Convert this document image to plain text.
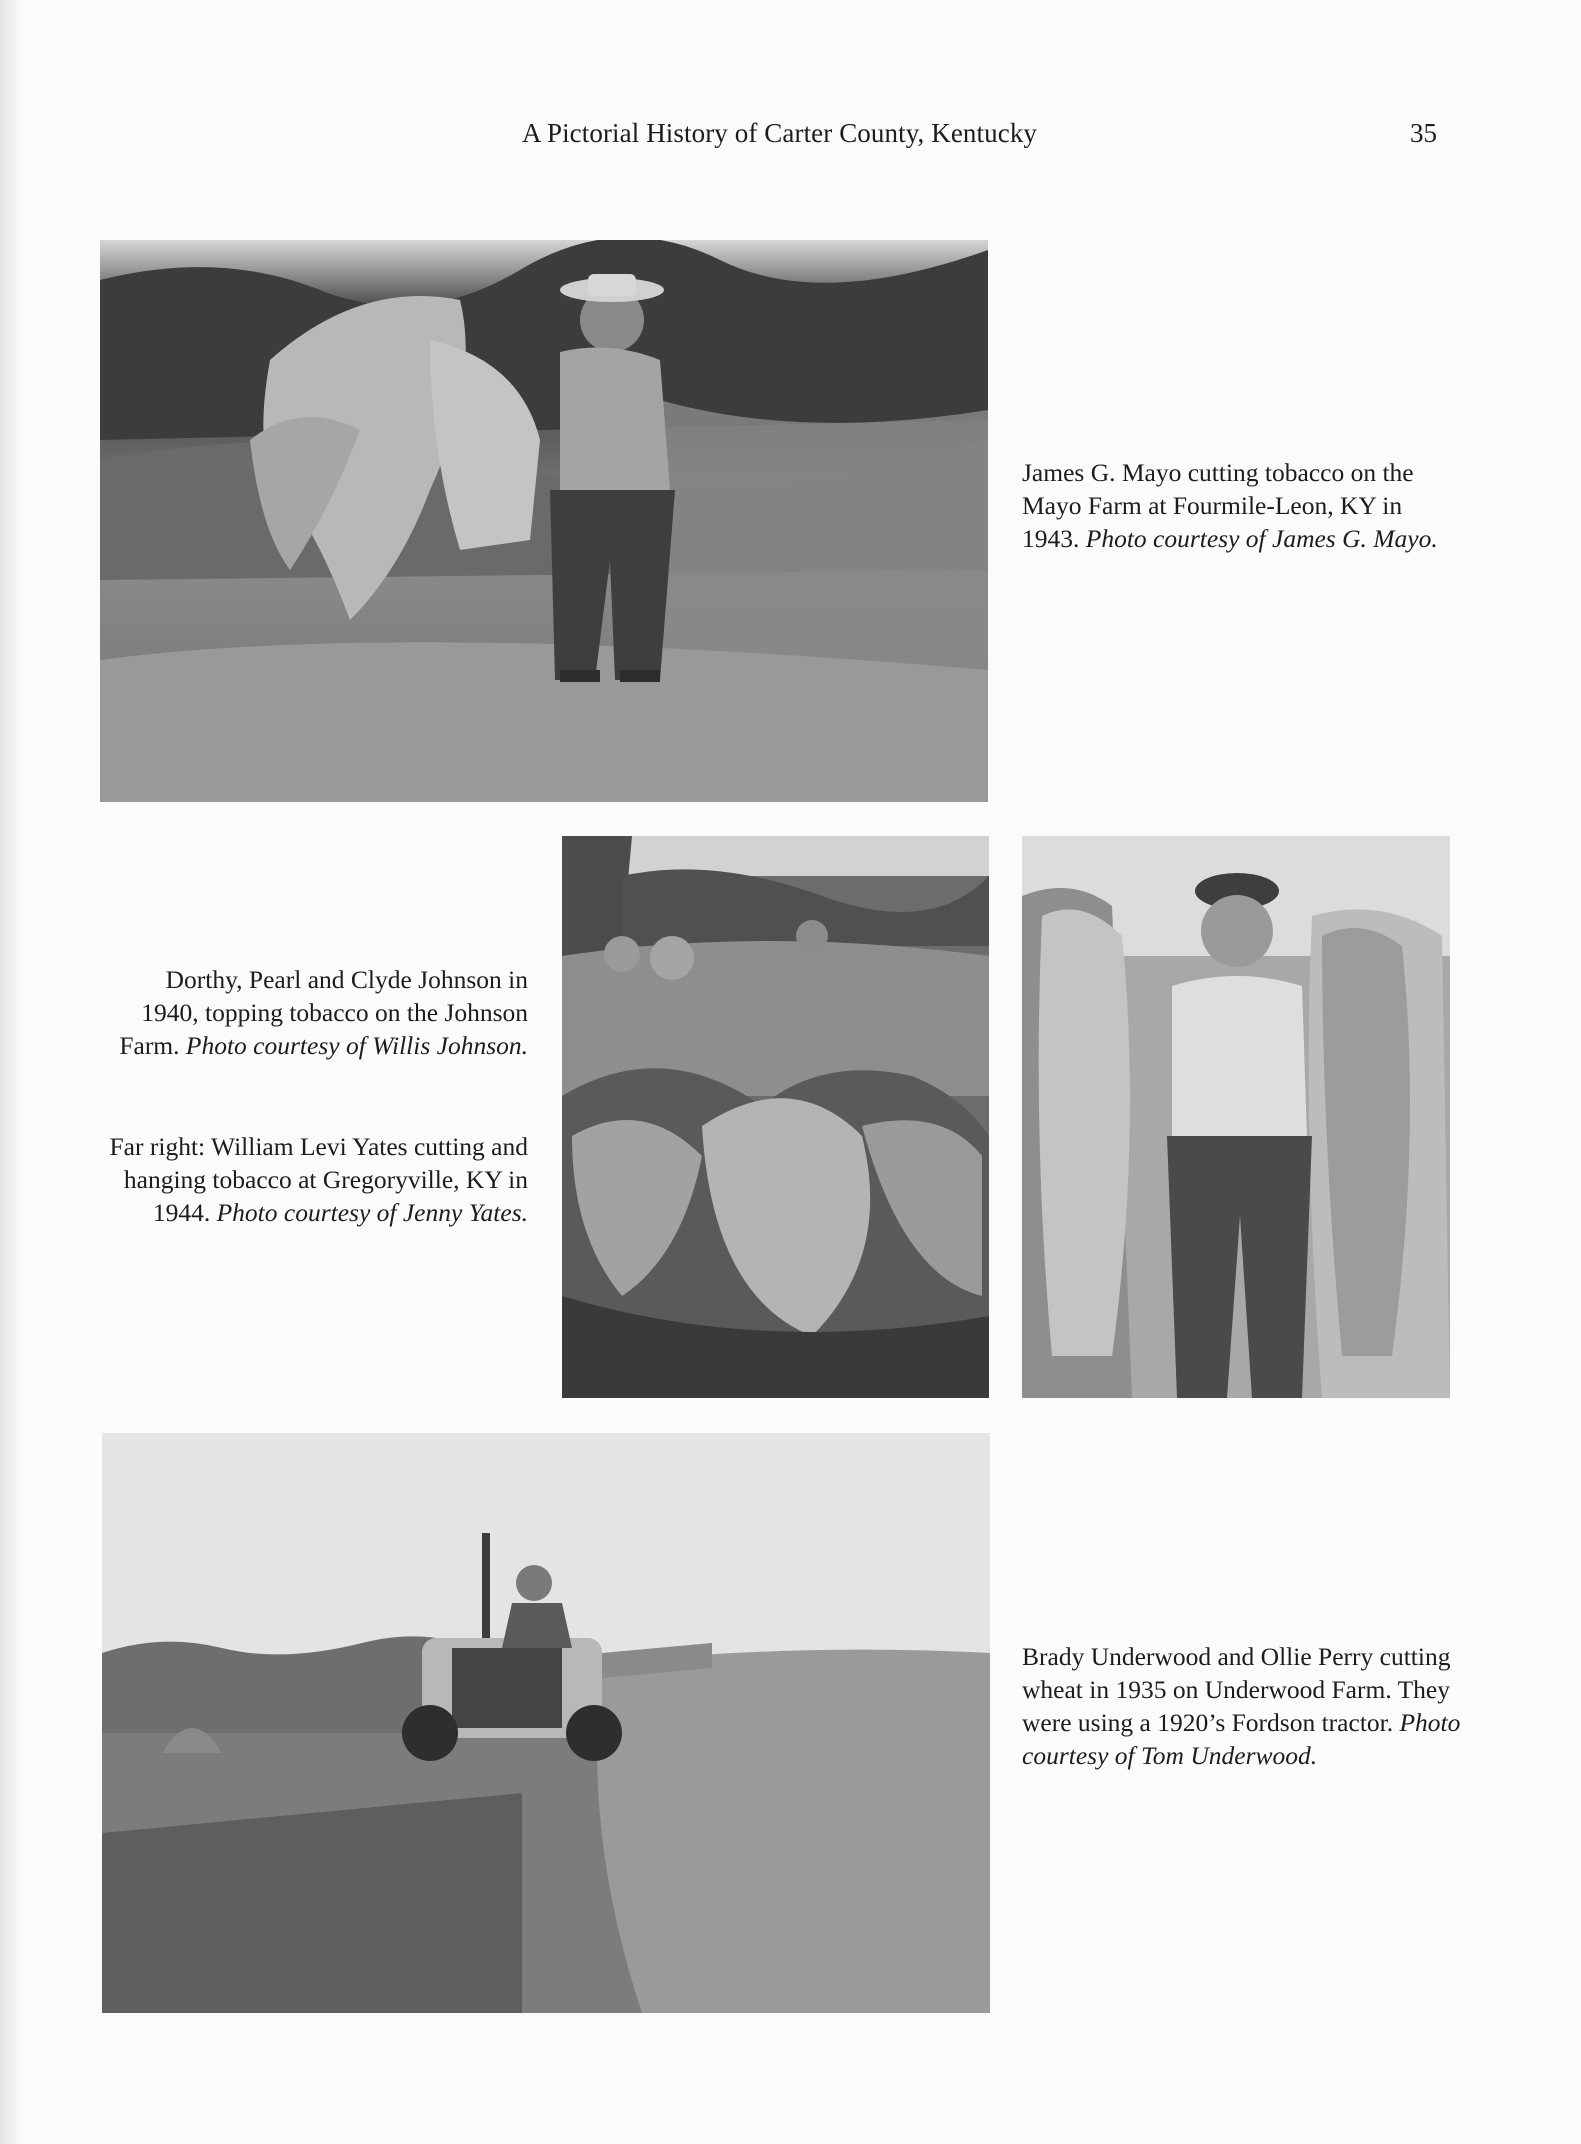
A Pictorial History of Carter County, Kentucky	35
James G. Mayo cutting tobacco on the Mayo Farm at Fourmile-Leon, KY in 1943. Photo courtesy of James G. Mayo.
Dorthy, Pearl and Clyde Johnson in 1940, topping tobacco on the Johnson Farm. Photo courtesy of Willis Johnson.
Far right: William Levi Yates cutting and hanging tobacco at Gregoryville, KY in 1944. Photo courtesy of Jenny Yates.
Brady Underwood and Ollie Perry cutting wheat in 1935 on Underwood Farm. They were using a 1920’s Fordson tractor. Photo courtesy of Tom Underwood.
